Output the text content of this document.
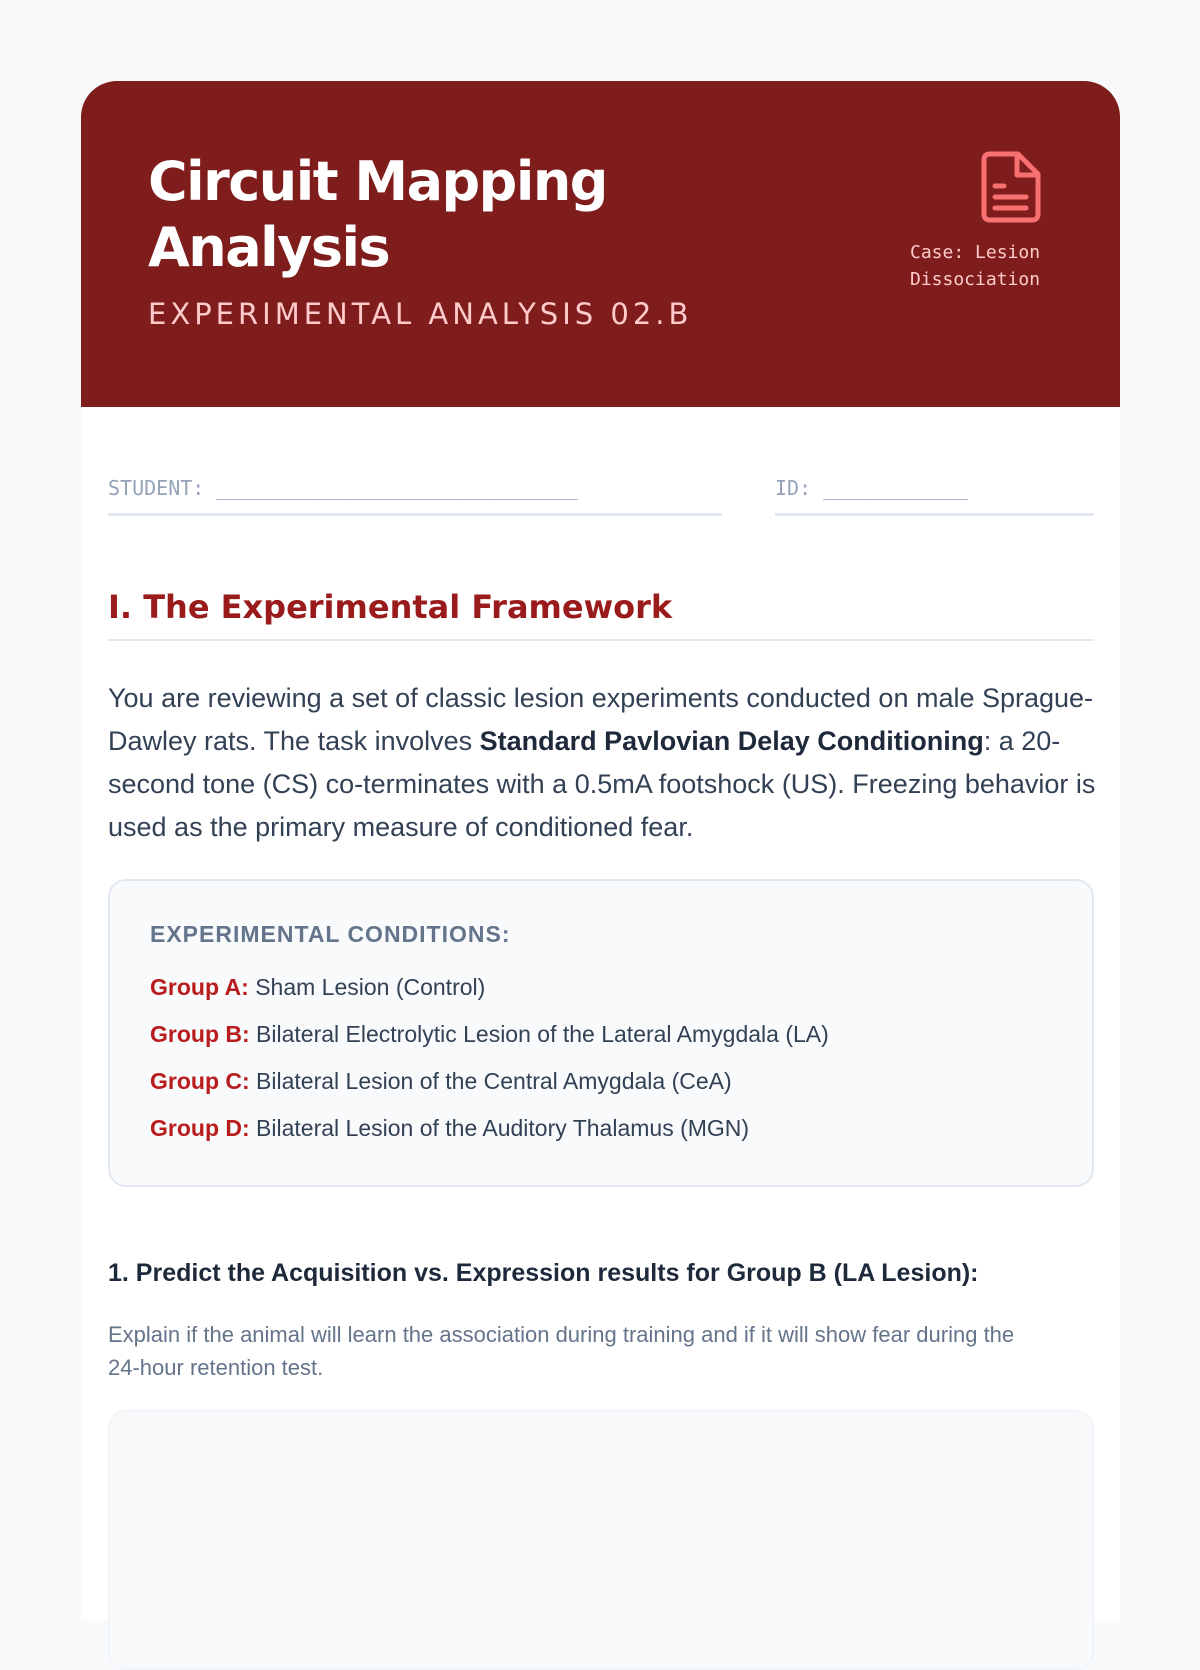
Circuit Mapping Analysis

EXPERIMENTAL ANALYSIS 02.B

Case: Lesion Dissociation

STUDENT: ______________________________	ID: ____________
I. The Experimental Framework

You are reviewing a set of classic lesion experiments conducted on male Sprague-Dawley rats. The task involves Standard Pavlovian Delay Conditioning: a 20-second tone (CS) co-terminates with a 0.5mA footshock (US). Freezing behavior is used as the primary measure of conditioned fear.

EXPERIMENTAL CONDITIONS:

Group A: Sham Lesion (Control)

Group B: Bilateral Electrolytic Lesion of the Lateral Amygdala (LA)

Group C: Bilateral Lesion of the Central Amygdala (CeA)

Group D: Bilateral Lesion of the Auditory Thalamus (MGN)

1. Predict the Acquisition vs. Expression results for Group B (LA Lesion):

Explain if the animal will learn the association during training and if it will show fear during the 24-hour retention test.
